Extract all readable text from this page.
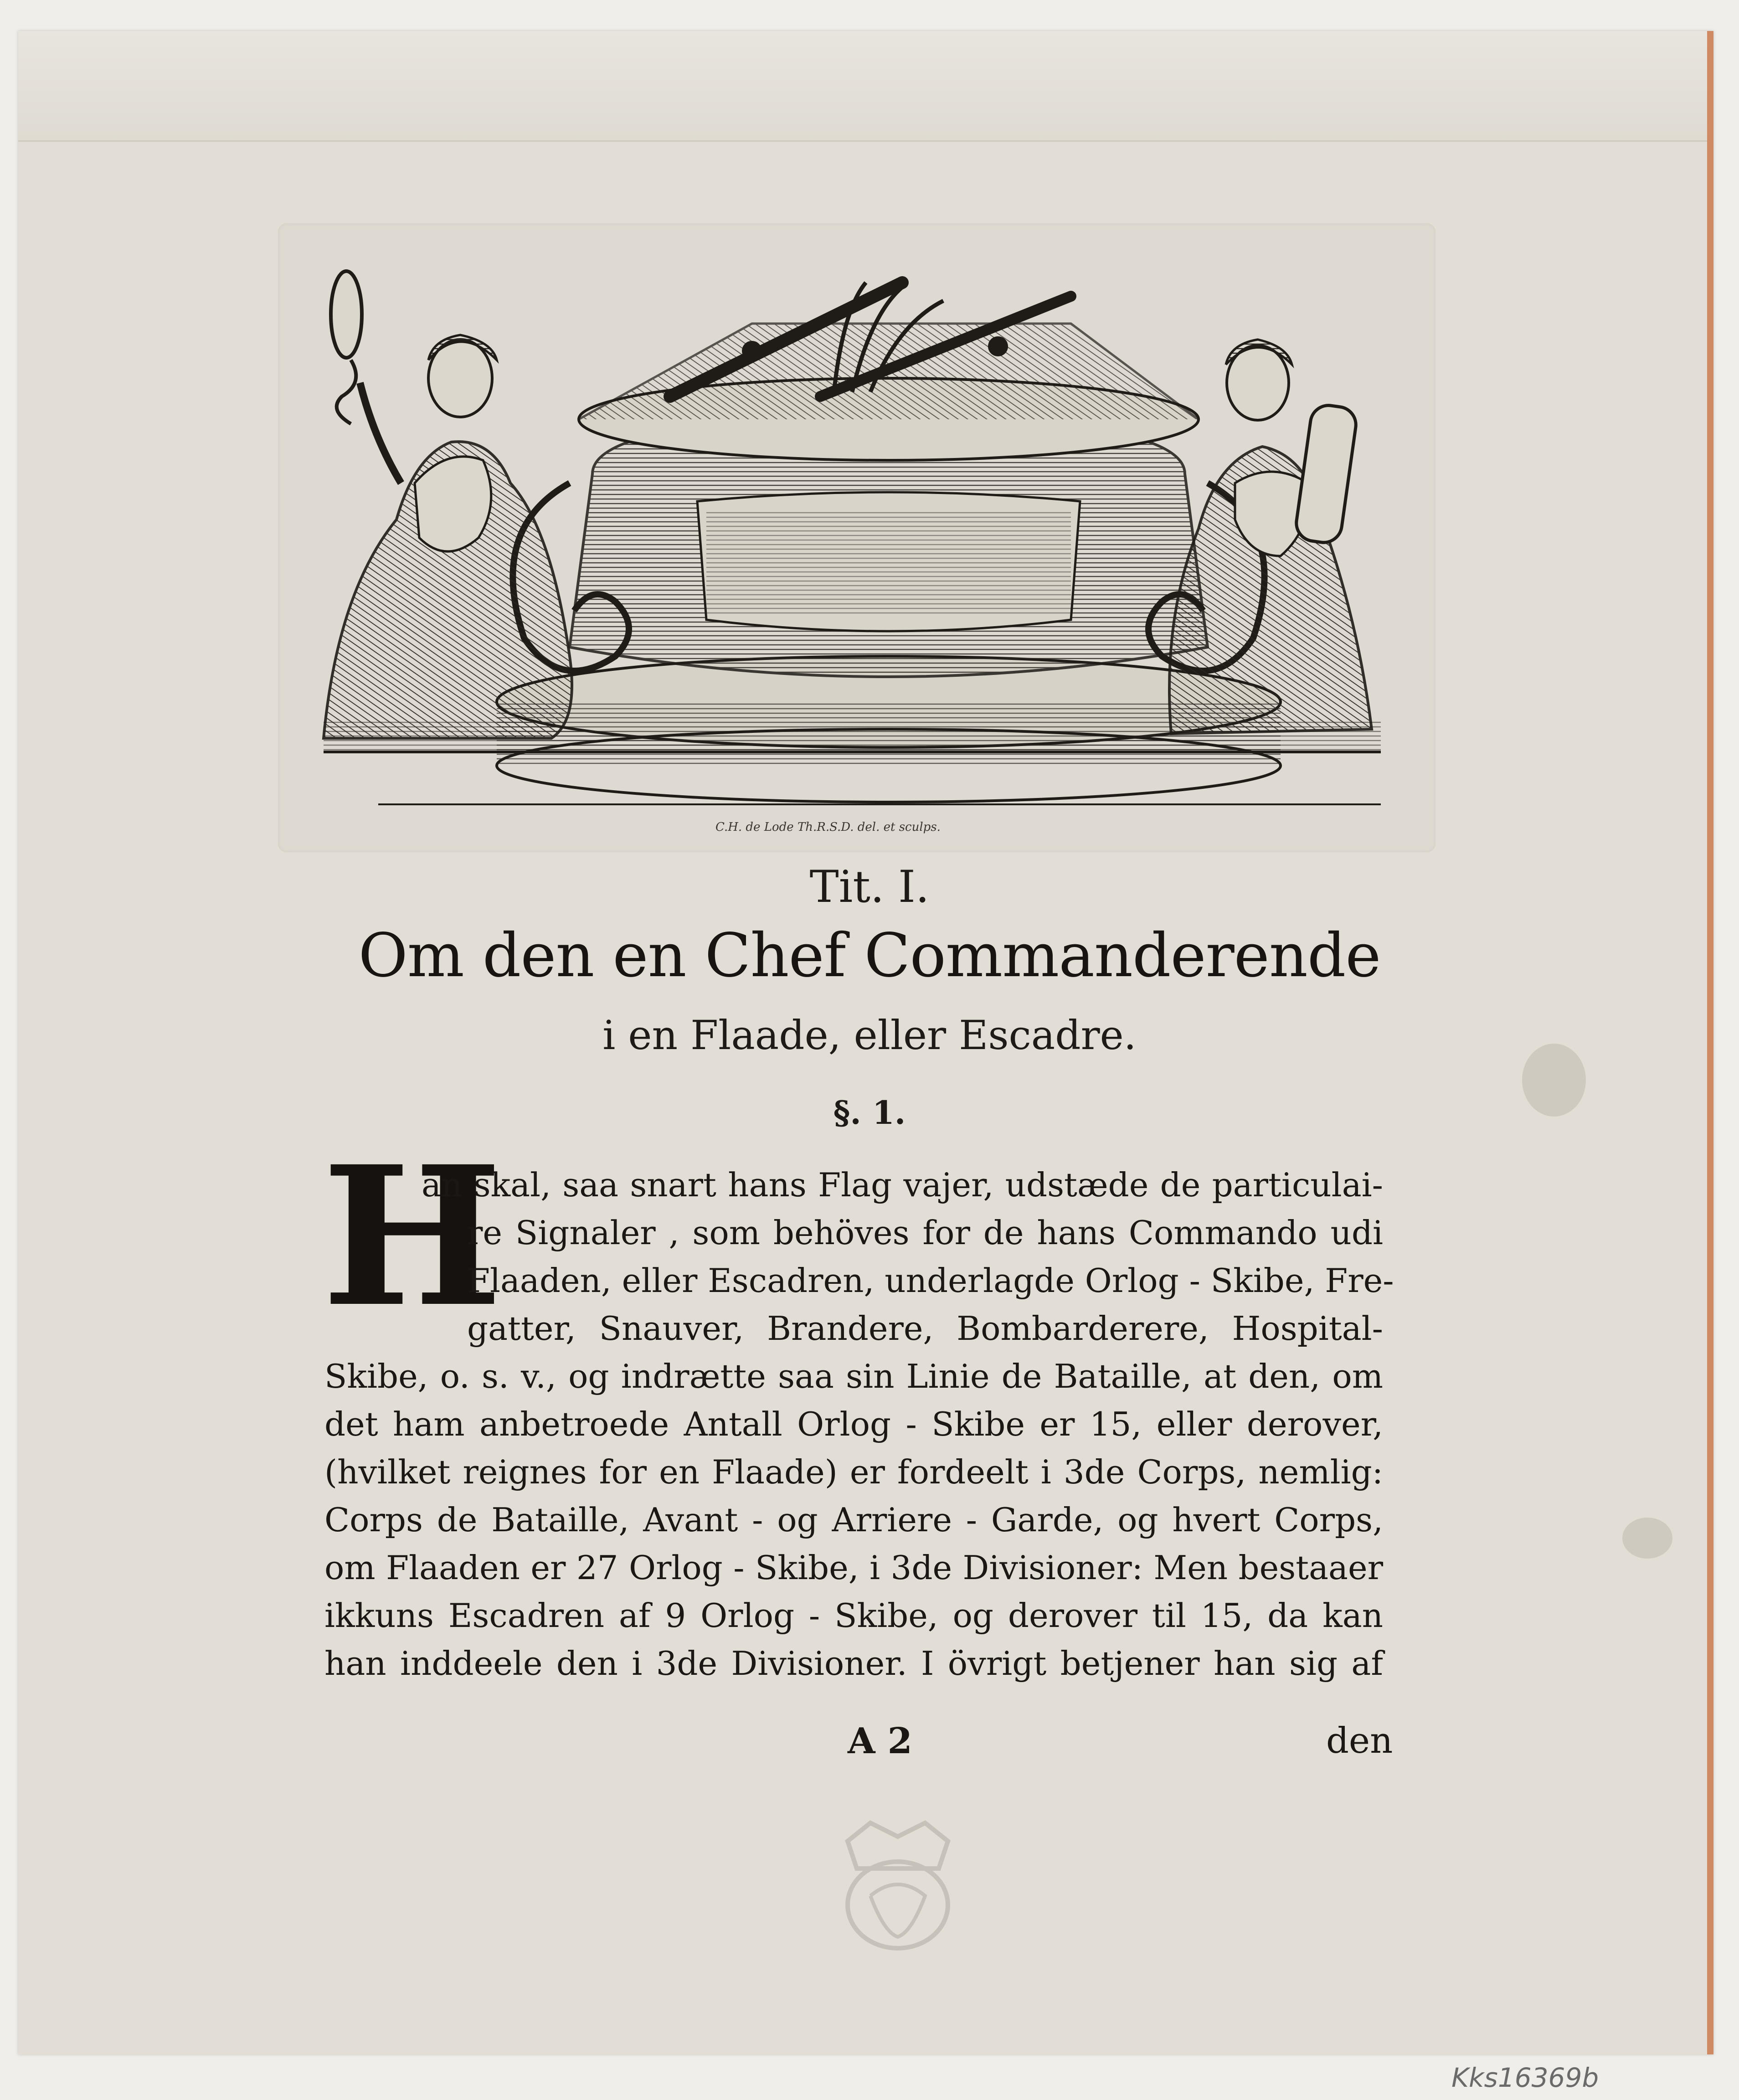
C.H. de Lode Th.R.S.D. del. et sculps.
Tit. I.
Om den en Chef Commanderende
i en Flaade, eller Escadre.
§. 1.
H
an skal, saa snart hans Flag vajer, udstæde de particulai-
re Signaler , som behöves for de hans Commando udi
Flaaden, eller Escadren, underlagde Orlog - Skibe, Fre-
gatter, Snauver, Brandere, Bombarderere, Hospital-
Skibe, o. s. v., og indrætte saa sin Linie de Bataille, at den, om
det ham anbetroede Antall Orlog - Skibe er 15, eller derover,
(hvilket reignes for en Flaade) er fordeelt i 3de Corps, nemlig:
Corps de Bataille, Avant - og Arriere - Garde, og hvert Corps,
om Flaaden er 27 Orlog - Skibe, i 3de Divisioner: Men bestaaer
ikkuns Escadren af 9 Orlog - Skibe, og derover til 15, da kan
han inddeele den i 3de Divisioner. I övrigt betjener han sig af
A 2	den
Kks16369b
